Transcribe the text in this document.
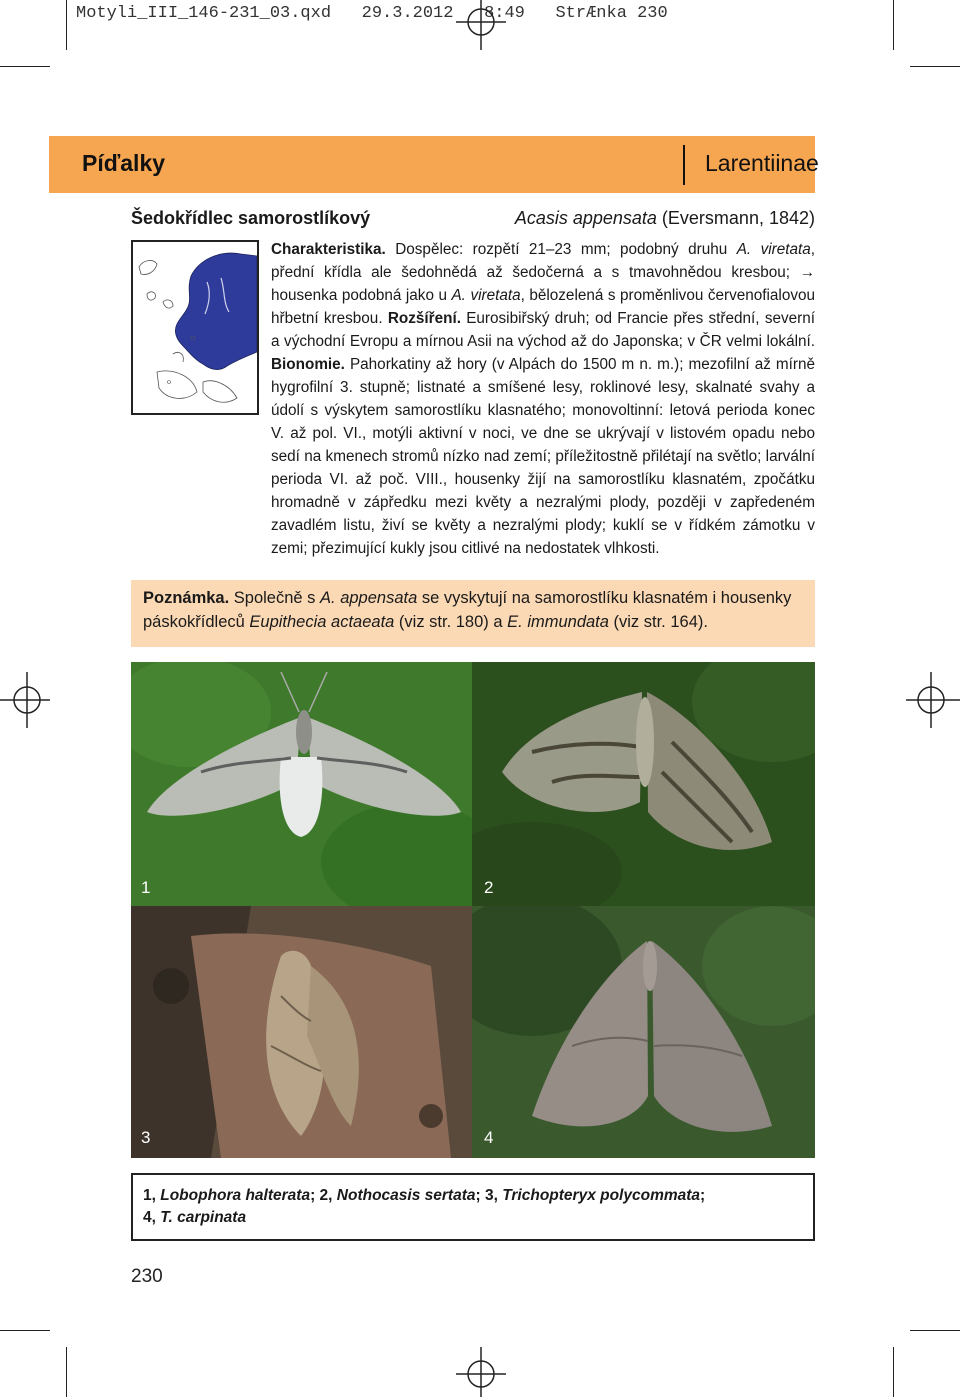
Motyli_III_146-231_03.qxd   29.3.2012   8:49   StrÆnka 230
Píďalky	Larentiinae
Šedokřídlec samorostlíkový	Acasis appensata (Eversmann, 1842)
Charakteristika. Dospělec: rozpětí 21–23 mm; podobný druhu A. viretata, přední křídla ale šedohnědá až šedočerná a s tmavohnědou kresbou; → housenka podobná jako u A. viretata, bělozelená s proměnlivou červenofialovou hřbetní kresbou. Rozšíření. Eurosibiřský druh; od Francie přes střední, severní a východní Evropu a mírnou Asii na východ až do Japonska; v ČR velmi lokální. Bionomie. Pahorkatiny až hory (v Alpách do 1500 m n. m.); mezofilní až mírně hygrofilní 3. stupně; listnaté a smíšené lesy, roklinové lesy, skalnaté svahy a údolí s výskytem samorostlíku klasnatého; monovoltinní: letová perioda konec V. až pol. VI., motýli aktivní v noci, ve dne se ukrývají v listovém opadu nebo sedí na kmenech stromů nízko nad zemí; příležitostně přilétají na světlo; larvální perioda VI. až poč. VIII., housenky žijí na samorostlíku klasnatém, zpočátku hromadně v zápředku mezi květy a nezralými plody, později v zapředeném zavadlém listu, živí se květy a nezralými plody; kuklí se v řídkém zámotku v zemi; přezimující kukly jsou citlivé na nedostatek vlhkosti.
Poznámka. Společně s A. appensata se vyskytují na samorostlíku klasnatém i housenky páskokřídleců Eupithecia actaeata (viz str. 180) a E. immundata (viz str. 164).
1	2
3	4
1, Lobophora halterata; 2, Nothocasis sertata; 3, Trichopteryx polycommata;
4, T. carpinata
230
